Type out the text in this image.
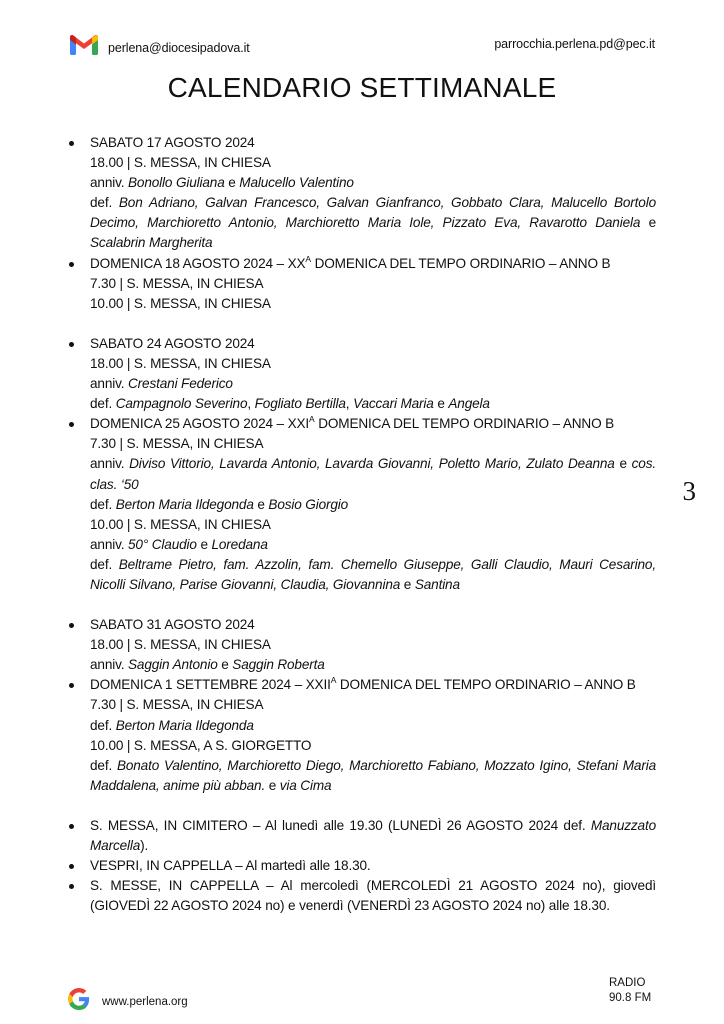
perlena@diocesipadova.it	parrocchia.perlena.pd@pec.it
CALENDARIO SETTIMANALE
SABATO 17 AGOSTO 2024
18.00 | S. MESSA, IN CHIESA
anniv. Bonollo Giuliana e Malucello Valentino
def. Bon Adriano, Galvan Francesco, Galvan Gianfranco, Gobbato Clara, Malucello Bortolo Decimo, Marchioretto Antonio, Marchioretto Maria Iole, Pizzato Eva, Ravarotto Daniela e Scalabrin Margherita
DOMENICA 18 AGOSTO $2024 - XX^A$ DOMENICA DEL TEMPO ORDINARIO – ANNO B
7.30 | S. MESSA, IN CHIESA
10.00 | S. MESSA, IN CHIESA
SABATO 24 AGOSTO 2024
18.00 | S. MESSA, IN CHIESA
anniv. Crestani Federico
def. Campagnolo Severino, Fogliato Bertilla, Vaccari Maria e Angela
DOMENICA 25 AGOSTO $2024 - XXI^A$ DOMENICA DEL TEMPO ORDINARIO – ANNO B
7.30 | S. MESSA, IN CHIESA
anniv. Diviso Vittorio, Lavarda Antonio, Lavarda Giovanni, Poletto Mario, Zulato Deanna e cos. clas. ‘50
def. Berton Maria Ildegonda e Bosio Giorgio
10.00 | S. MESSA, IN CHIESA
anniv. 50° Claudio e Loredana
def. Beltrame Pietro, fam. Azzolin, fam. Chemello Giuseppe, Galli Claudio, Mauri Cesarino, Nicolli Silvano, Parise Giovanni, Claudia, Giovannina e Santina
SABATO 31 AGOSTO 2024
18.00 | S. MESSA, IN CHIESA
anniv. Saggin Antonio e Saggin Roberta
DOMENICA 1 SETTEMBRE $2024 - XXII^A$ DOMENICA DEL TEMPO ORDINARIO – ANNO B
7.30 | S. MESSA, IN CHIESA
def. Berton Maria Ildegonda
10.00 | S. MESSA, A S. GIORGETTO
def. Bonato Valentino, Marchioretto Diego, Marchioretto Fabiano, Mozzato Igino, Stefani Maria Maddalena, anime più abban. e via Cima
S. MESSA, IN CIMITERO – Al lunedì alle 19.30 (LUNEDÌ 26 AGOSTO 2024 def. Manuzzato Marcella).
VESPRI, IN CAPPELLA – Al martedì alle 18.30.
S. MESSE, IN CAPPELLA – Al mercoledì (MERCOLEDÌ 21 AGOSTO 2024 no), giovedì (GIOVEDÌ 22 AGOSTO 2024 no) e venerdì (VENERDÌ 23 AGOSTO 2024 no) alle 18.30.
3
www.perlena.org
RADIO
90.8 FM
